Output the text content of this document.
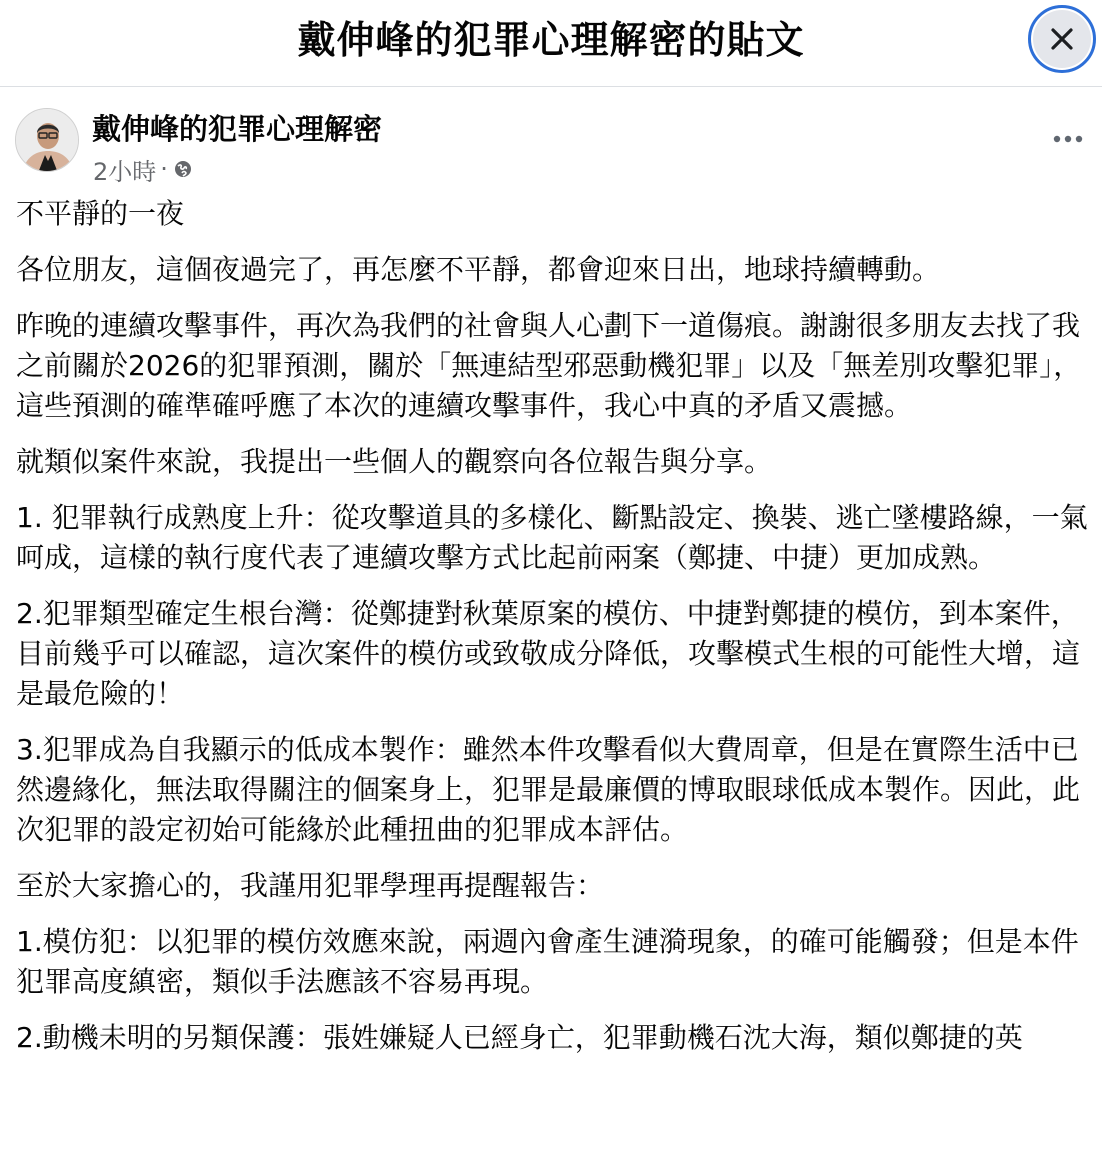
戴伸峰的犯罪心理解密的貼文
戴伸峰的犯罪心理解密
2小時 ·

不平靜的一夜

各位朋友，這個夜過完了，再怎麼不平靜，都會迎來日出，地球持續轉動。

昨晚的連續攻擊事件，再次為我們的社會與人心劃下一道傷痕。謝謝很多朋友去找了我之前關於2026的犯罪預測，關於「無連結型邪惡動機犯罪」以及「無差別攻擊犯罪」，這些預測的確準確呼應了本次的連續攻擊事件，我心中真的矛盾又震撼。

就類似案件來說，我提出一些個人的觀察向各位報告與分享。

1. 犯罪執行成熟度上升：從攻擊道具的多樣化、斷點設定、換裝、逃亡墜樓路線，一氣呵成，這樣的執行度代表了連續攻擊方式比起前兩案（鄭捷、中捷）更加成熟。

2.犯罪類型確定生根台灣：從鄭捷對秋葉原案的模仿、中捷對鄭捷的模仿，到本案件，目前幾乎可以確認，這次案件的模仿或致敬成分降低，攻擊模式生根的可能性大增，這是最危險的！

3.犯罪成為自我顯示的低成本製作：雖然本件攻擊看似大費周章，但是在實際生活中已然邊緣化，無法取得關注的個案身上，犯罪是最廉價的博取眼球低成本製作。因此，此次犯罪的設定初始可能緣於此種扭曲的犯罪成本評估。

至於大家擔心的，我謹用犯罪學理再提醒報告：

1.模仿犯：以犯罪的模仿效應來說，兩週內會產生漣漪現象，的確可能觸發；但是本件犯罪高度縝密，類似手法應該不容易再現。

2.動機未明的另類保護：張姓嫌疑人已經身亡，犯罪動機石沈大海，類似鄭捷的英
